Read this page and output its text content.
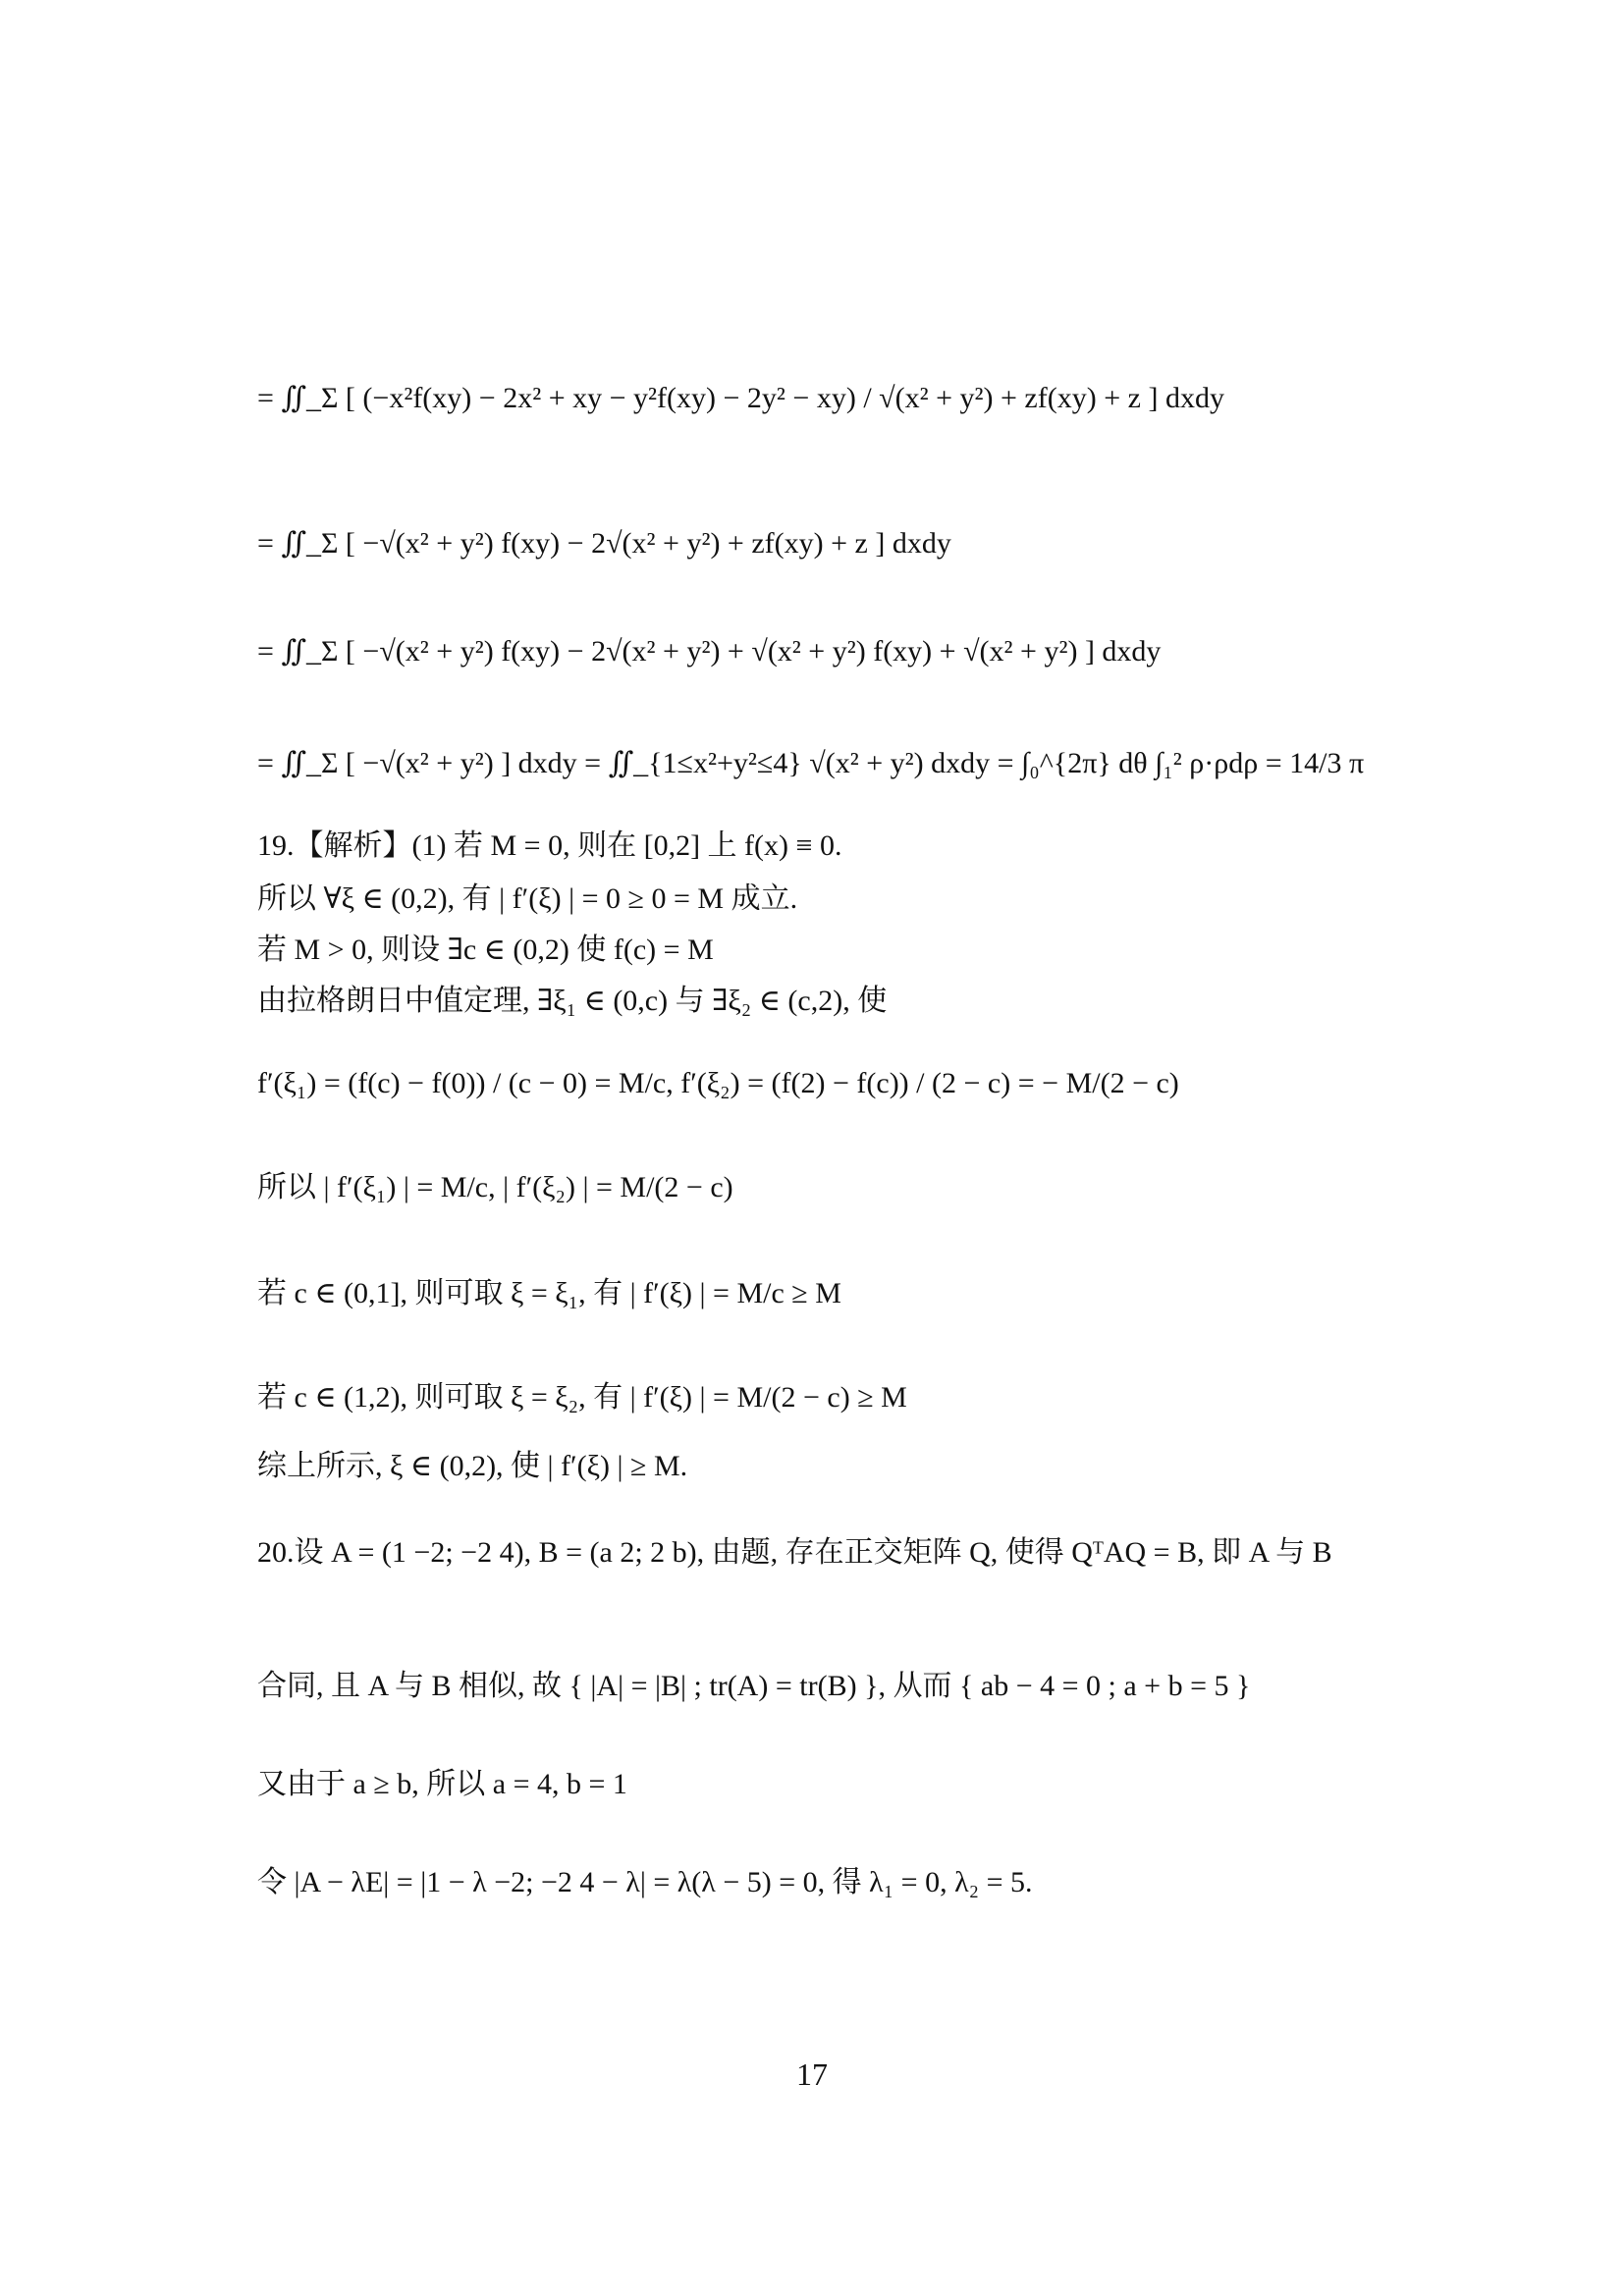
= ∬_Σ [ (−x²f(xy) − 2x² + xy − y²f(xy) − 2y² − xy) / √(x² + y²) + zf(xy) + z ] dxdy
= ∬_Σ [ −√(x² + y²) f(xy) − 2√(x² + y²) + zf(xy) + z ] dxdy
= ∬_Σ [ −√(x² + y²) f(xy) − 2√(x² + y²) + √(x² + y²) f(xy) + √(x² + y²) ] dxdy
= ∬_Σ [ −√(x² + y²) ] dxdy = ∬_{1≤x²+y²≤4} √(x² + y²) dxdy = ∫₀^{2π} dθ ∫₁² ρ·ρdρ = 14/3 π
19.【解析】(1) 若 M = 0, 则在 [0,2] 上 f(x) ≡ 0.
所以 ∀ξ ∈ (0,2), 有 | f′(ξ) | = 0 ≥ 0 = M 成立.
若 M > 0, 则设 ∃c ∈ (0,2) 使 f(c) = M
由拉格朗日中值定理, ∃ξ₁ ∈ (0,c) 与 ∃ξ₂ ∈ (c,2), 使
f′(ξ₁) = (f(c) − f(0)) / (c − 0) = M/c, f′(ξ₂) = (f(2) − f(c)) / (2 − c) = − M/(2 − c)
所以 | f′(ξ₁) | = M/c, | f′(ξ₂) | = M/(2 − c)
若 c ∈ (0,1], 则可取 ξ = ξ₁, 有 | f′(ξ) | = M/c ≥ M
若 c ∈ (1,2), 则可取 ξ = ξ₂, 有 | f′(ξ) | = M/(2 − c) ≥ M
综上所示, ξ ∈ (0,2), 使 | f′(ξ) | ≥ M.
20.设 A = (1 −2; −2 4), B = (a 2; 2 b), 由题, 存在正交矩阵 Q, 使得 QᵀAQ = B, 即 A 与 B
合同, 且 A 与 B 相似, 故 { |A| = |B| ; tr(A) = tr(B) }, 从而 { ab − 4 = 0 ; a + b = 5 }
又由于 a ≥ b, 所以 a = 4, b = 1
令 |A − λE| = |1 − λ −2; −2 4 − λ| = λ(λ − 5) = 0, 得 λ₁ = 0, λ₂ = 5.
17
